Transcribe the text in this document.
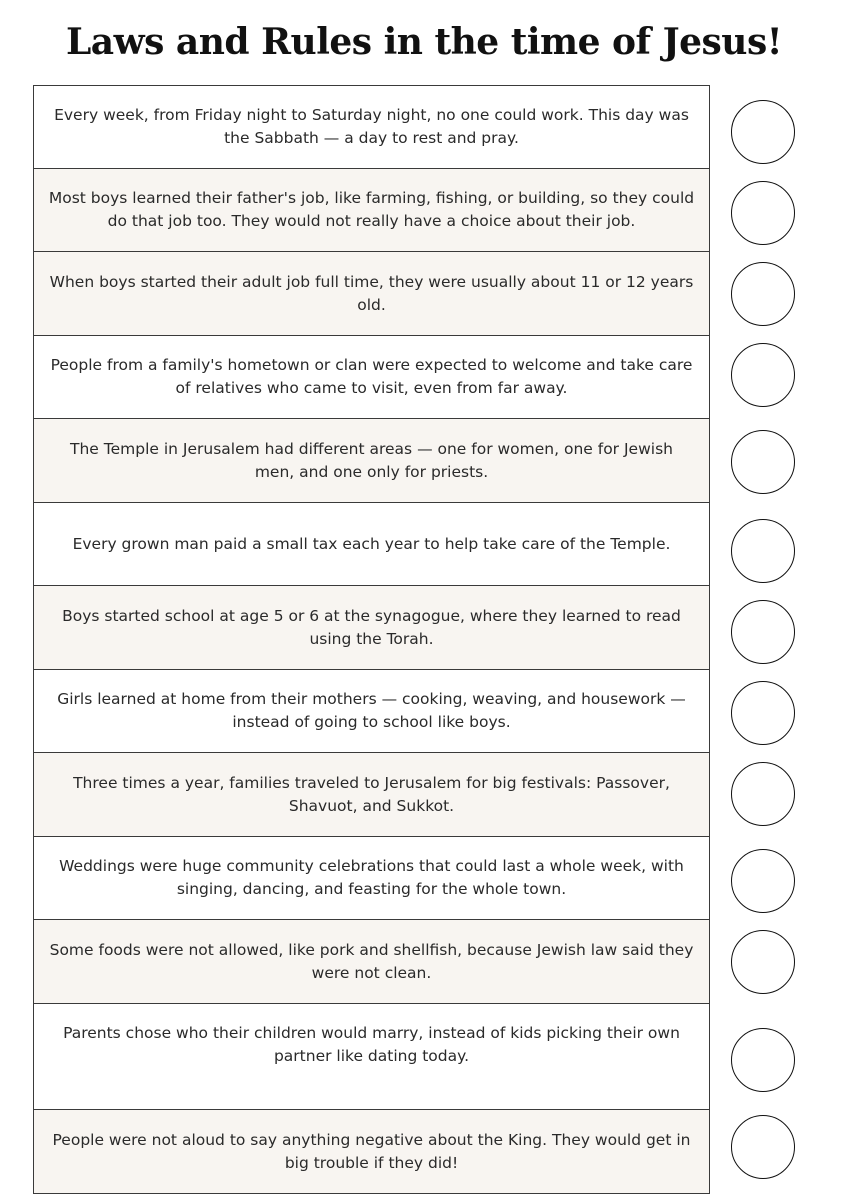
Laws and Rules in the time of Jesus!
Every week, from Friday night to Saturday night, no one could work. This day was the Sabbath — a day to rest and pray.
Most boys learned their father's job, like farming, fishing, or building, so they could do that job too. They would not really have a choice about their job.
When boys started their adult job full time, they were usually about 11 or 12 years old.
People from a family's hometown or clan were expected to welcome and take care of relatives who came to visit, even from far away.
The Temple in Jerusalem had different areas — one for women, one for Jewish men, and one only for priests.
Every grown man paid a small tax each year to help take care of the Temple.
Boys started school at age 5 or 6 at the synagogue, where they learned to read using the Torah.
Girls learned at home from their mothers — cooking, weaving, and housework — instead of going to school like boys.
Three times a year, families traveled to Jerusalem for big festivals: Passover, Shavuot, and Sukkot.
Weddings were huge community celebrations that could last a whole week, with singing, dancing, and feasting for the whole town.
Some foods were not allowed, like pork and shellfish, because Jewish law said they were not clean.
Parents chose who their children would marry, instead of kids picking their own partner like dating today.
People were not aloud to say anything negative about the King. They would get in big trouble if they did!
